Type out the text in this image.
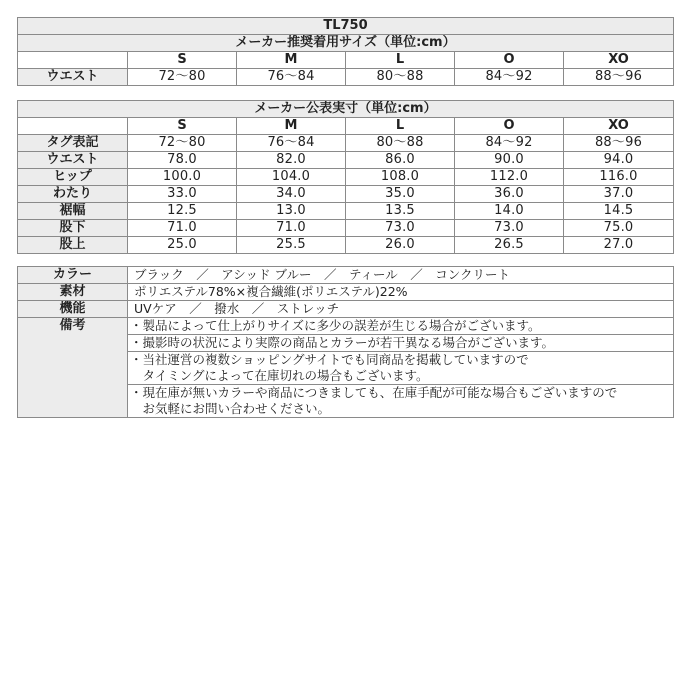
TL750					
メーカー推奨着用サイズ（単位:cm）					
	S	M	L	O	XO
ウエスト	72〜80	76〜84	80〜88	84〜92	88〜96
メーカー公表実寸（単位:cm）					
	S	M	L	O	XO
タグ表記	72〜80	76〜84	80〜88	84〜92	88〜96
ウエスト	78.0	82.0	86.0	90.0	94.0
ヒップ	100.0	104.0	108.0	112.0	116.0
わたり	33.0	34.0	35.0	36.0	37.0
裾幅	12.5	13.0	13.5	14.0	14.5
股下	71.0	71.0	73.0	73.0	75.0
股上	25.0	25.5	26.0	26.5	27.0
カラー	ブラック　／　アシッド ブルー　／　ティール　／　コンクリート
素材	ポリエステル78%×複合繊維(ポリエステル)22%
機能	UVケア　／　撥水　／　ストレッチ
備考	・製品によって仕上がりサイズに多少の誤差が生じる場合がございます。

	・撮影時の状況により実際の商品とカラーが若干異なる場合がございます。

	・当社運営の複数ショッピングサイトでも同商品を掲載していますので
　タイミングによって在庫切れの場合もございます。

	・現在庫が無いカラーや商品につきましても、在庫手配が可能な場合もございますので
　お気軽にお問い合わせください。
